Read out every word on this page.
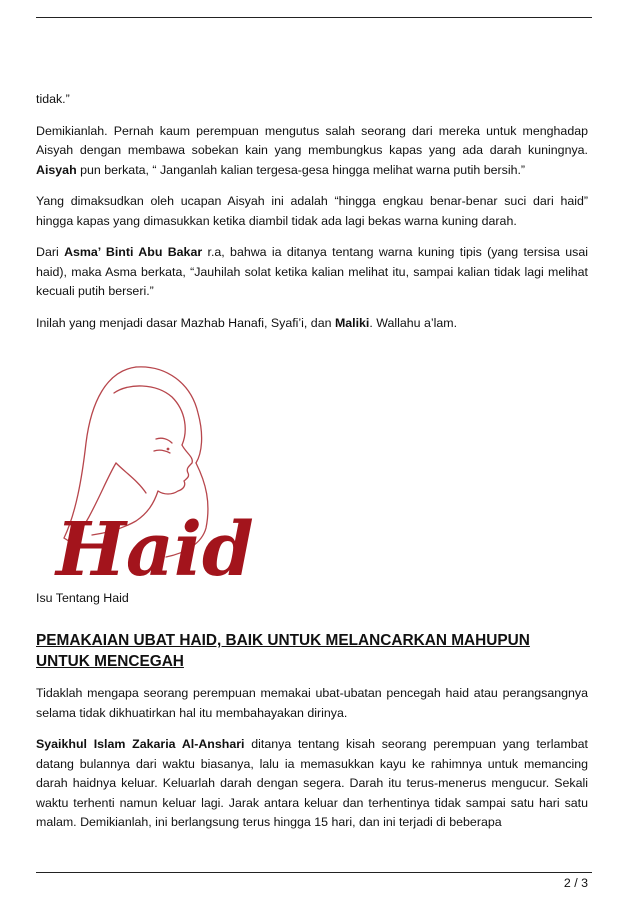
tidak.”

Demikianlah. Pernah kaum perempuan mengutus salah seorang dari mereka untuk menghadap Aisyah dengan membawa sobekan kain yang membungkus kapas yang ada darah kuningnya. Aisyah pun berkata, “ Janganlah kalian tergesa-gesa hingga melihat warna putih bersih.”

Yang dimaksudkan oleh ucapan Aisyah ini adalah “hingga engkau benar-benar suci dari haid” hingga kapas yang dimasukkan ketika diambil tidak ada lagi bekas warna kuning darah.

Dari Asma’ Binti Abu Bakar r.a, bahwa ia ditanya tentang warna kuning tipis (yang tersisa usai haid), maka Asma berkata, “Jauhilah solat ketika kalian melihat itu, sampai kalian tidak lagi melihat kecuali putih berseri.”

Inilah yang menjadi dasar Mazhab Hanafi, Syafi’i, dan Maliki. Wallahu a’lam.

Haid
Isu Tentang Haid
PEMAKAIAN UBAT HAID, BAIK UNTUK MELANCARKAN MAHUPUN UNTUK MENCEGAH

Tidaklah mengapa seorang perempuan memakai ubat-ubatan pencegah haid atau perangsangnya selama tidak dikhuatirkan hal itu membahayakan dirinya.

Syaikhul Islam Zakaria Al-Anshari ditanya tentang kisah seorang perempuan yang terlambat datang bulannya dari waktu biasanya, lalu ia memasukkan kayu ke rahimnya untuk memancing darah haidnya keluar. Keluarlah darah dengan segera. Darah itu terus-menerus mengucur. Sekali waktu terhenti namun keluar lagi. Jarak antara keluar dan terhentinya tidak sampai satu hari satu malam. Demikianlah, ini berlangsung terus hingga 15 hari, dan ini terjadi di beberapa

2 / 3
